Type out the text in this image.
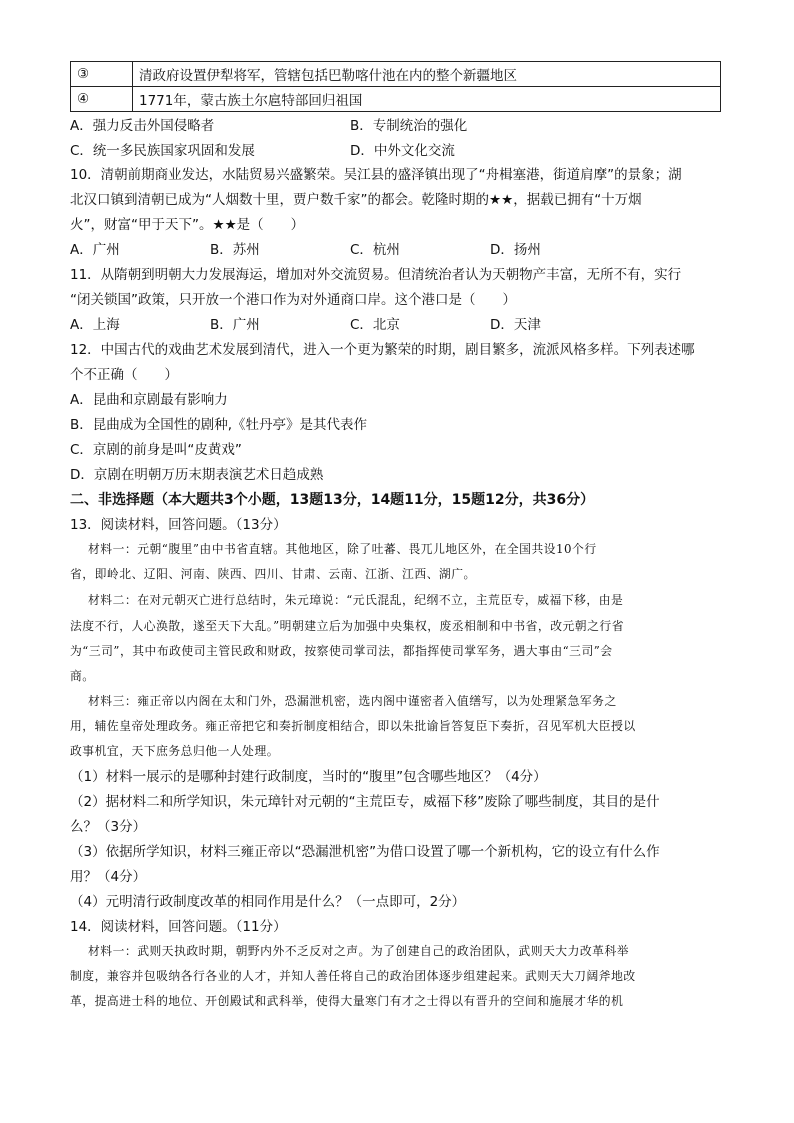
③	清政府设置伊犁将军，管辖包括巴勒喀什池在内的整个新疆地区
④	1771年，蒙古族土尔扈特部回归祖国
A．强力反击外国侵略者	B．专制统治的强化
C．统一多民族国家巩固和发展	D．中外文化交流
10．清朝前期商业发达，水陆贸易兴盛繁荣。吴江县的盛泽镇出现了“舟楫塞港，街道肩摩”的景象；湖
北汉口镇到清朝已成为“人烟数十里，贾户数千家”的都会。乾隆时期的★★，据载已拥有“十万烟
火”，财富“甲于天下”。★★是（　　）
A．广州	B．苏州	C．杭州	D．扬州
11．从隋朝到明朝大力发展海运，增加对外交流贸易。但清统治者认为天朝物产丰富，无所不有，实行
“闭关锁国”政策，只开放一个港口作为对外通商口岸。这个港口是（　　）
A．上海	B．广州	C．北京	D．天津
12．中国古代的戏曲艺术发展到清代，进入一个更为繁荣的时期，剧目繁多，流派风格多样。下列表述哪
个不正确（　　）
A．昆曲和京剧最有影响力
B．昆曲成为全国性的剧种,《牡丹亭》是其代表作
C．京剧的前身是叫“皮黄戏”
D．京剧在明朝万历末期表演艺术日趋成熟
二、非选择题（本大题共3个小题，13题13分，14题11分，15题12分，共36分）
13．阅读材料，回答问题。（13分）
材料一：元朝“腹里”由中书省直辖。其他地区，除了吐蕃、畏兀儿地区外，在全国共设10个行
省，即岭北、辽阳、河南、陕西、四川、甘肃、云南、江浙、江西、湖广。
材料二：在对元朝灭亡进行总结时，朱元璋说：“元氏混乱，纪纲不立，主荒臣专，威福下移，由是
法度不行，人心涣散，遂至天下大乱。”明朝建立后为加强中央集权，废丞相制和中书省，改元朝之行省
为“三司”，其中布政使司主管民政和财政，按察使司掌司法，都指挥使司掌军务，遇大事由“三司”会
商。
材料三：雍正帝以内阁在太和门外，恐漏泄机密，选内阁中谨密者入值缮写，以为处理紧急军务之
用，辅佐皇帝处理政务。雍正帝把它和奏折制度相结合，即以朱批谕旨答复臣下奏折，召见军机大臣授以
政事机宜，天下庶务总归他一人处理。
（1）材料一展示的是哪种封建行政制度，当时的“腹里”包含哪些地区？（4分）
（2）据材料二和所学知识，朱元璋针对元朝的“主荒臣专，威福下移”废除了哪些制度，其目的是什
么？（3分）
（3）依据所学知识，材料三雍正帝以“恐漏泄机密”为借口设置了哪一个新机构，它的设立有什么作
用？（4分）
（4）元明清行政制度改革的相同作用是什么？（一点即可，2分）
14．阅读材料，回答问题。（11分）
材料一：武则天执政时期，朝野内外不乏反对之声。为了创建自己的政治团队，武则天大力改革科举
制度，兼容并包吸纳各行各业的人才，并知人善任将自己的政治团体逐步组建起来。武则天大刀阔斧地改
革，提高进士科的地位、开创殿试和武科举，使得大量寒门有才之士得以有晋升的空间和施展才华的机
